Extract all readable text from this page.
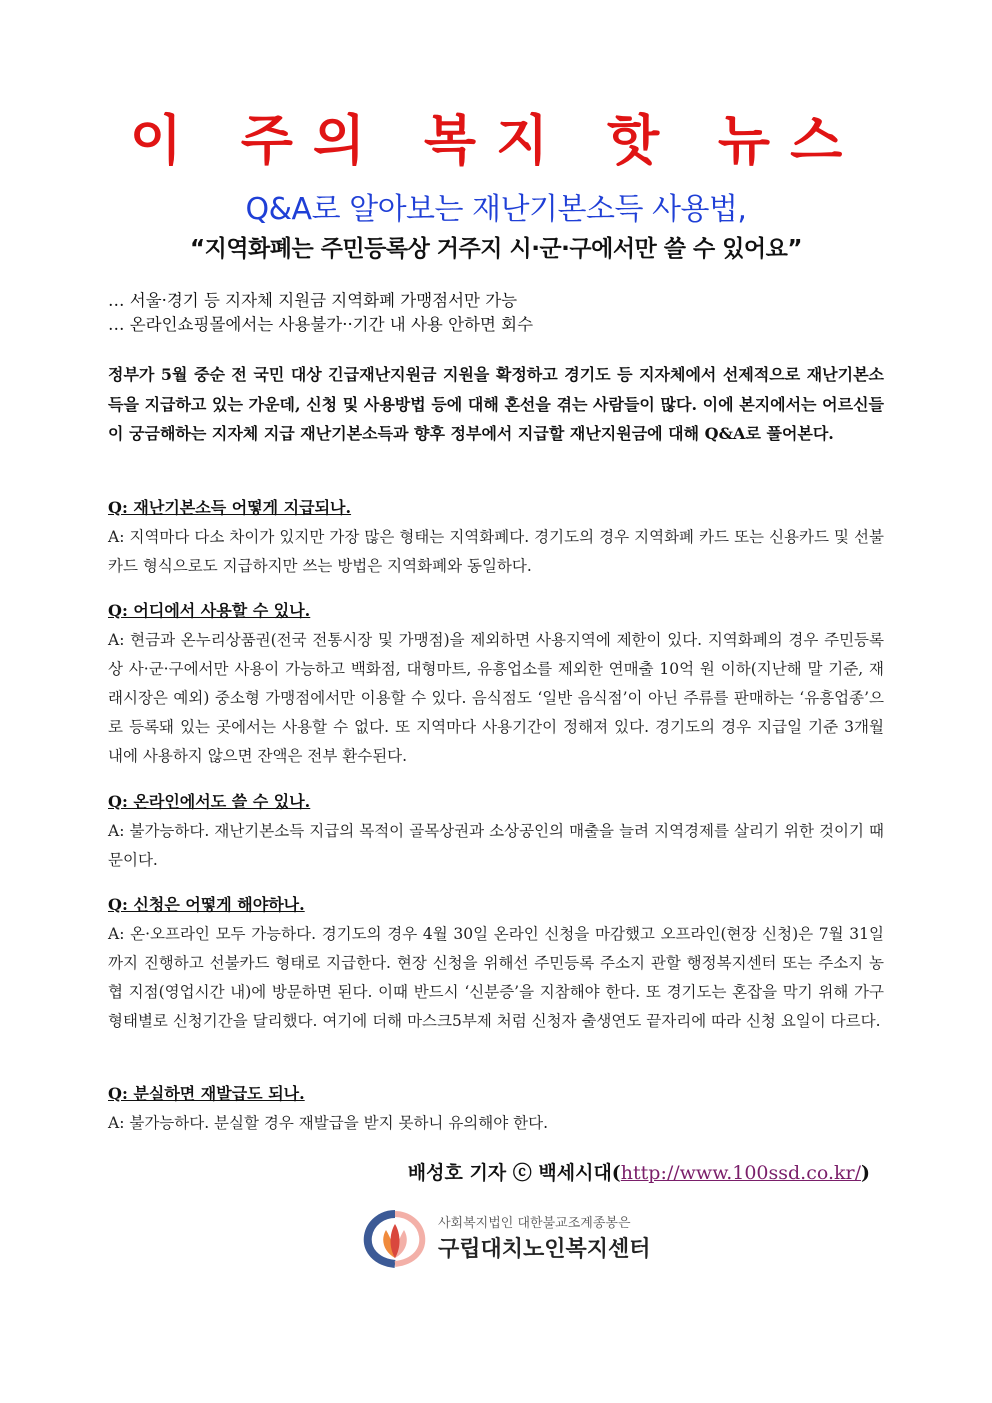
이 주의 복지 핫 뉴스
Q&A로 알아보는 재난기본소득 사용법,
“지역화폐는 주민등록상 거주지 시·군·구에서만 쓸 수 있어요”
… 서울·경기 등 지자체 지원금 지역화폐 가맹점서만 가능
… 온라인쇼핑몰에서는 사용불가··기간 내 사용 안하면 회수
정부가 5월 중순 전 국민 대상 긴급재난지원금 지원을 확정하고 경기도 등 지자체에서 선제적으로 재난기본소득을 지급하고 있는 가운데, 신청 및 사용방법 등에 대해 혼선을 겪는 사람들이 많다. 이에 본지에서는 어르신들이 궁금해하는 지자체 지급 재난기본소득과 향후 정부에서 지급할 재난지원금에 대해 Q&A로 풀어본다.
Q: 재난기본소득 어떻게 지급되나.
A: 지역마다 다소 차이가 있지만 가장 많은 형태는 지역화폐다. 경기도의 경우 지역화폐 카드 또는 신용카드 및 선불카드 형식으로도 지급하지만 쓰는 방법은 지역화폐와 동일하다.
Q: 어디에서 사용할 수 있나.
A: 현금과 온누리상품권(전국 전통시장 및 가맹점)을 제외하면 사용지역에 제한이 있다. 지역화폐의 경우 주민등록상 사·군·구에서만 사용이 가능하고 백화점, 대형마트, 유흥업소를 제외한 연매출 10억 원 이하(지난해 말 기준, 재래시장은 예외) 중소형 가맹점에서만 이용할 수 있다. 음식점도 ‘일반 음식점’이 아닌 주류를 판매하는 ‘유흥업종’으로 등록돼 있는 곳에서는 사용할 수 없다. 또 지역마다 사용기간이 정해져 있다. 경기도의 경우 지급일 기준 3개월 내에 사용하지 않으면 잔액은 전부 환수된다.
Q: 온라인에서도 쓸 수 있나.
A: 불가능하다. 재난기본소득 지급의 목적이 골목상권과 소상공인의 매출을 늘려 지역경제를 살리기 위한 것이기 때문이다.
Q: 신청은 어떻게 해야하나.
A: 온·오프라인 모두 가능하다. 경기도의 경우 4월 30일 온라인 신청을 마감했고 오프라인(현장 신청)은 7월 31일까지 진행하고 선불카드 형태로 지급한다. 현장 신청을 위해선 주민등록 주소지 관할 행정복지센터 또는 주소지 농협 지점(영업시간 내)에 방문하면 된다. 이때 반드시 ‘신분증’을 지참해야 한다. 또 경기도는 혼잡을 막기 위해 가구형태별로 신청기간을 달리했다. 여기에 더해 마스크5부제 처럼 신청자 출생연도 끝자리에 따라 신청 요일이 다르다.
Q: 분실하면 재발급도 되나.
A: 불가능하다. 분실할 경우 재발급을 받지 못하니 유의해야 한다.
배성호 기자 ⓒ 백세시대(http://www.100ssd.co.kr/)
사회복지법인 대한불교조계종봉은
구립대치노인복지센터
